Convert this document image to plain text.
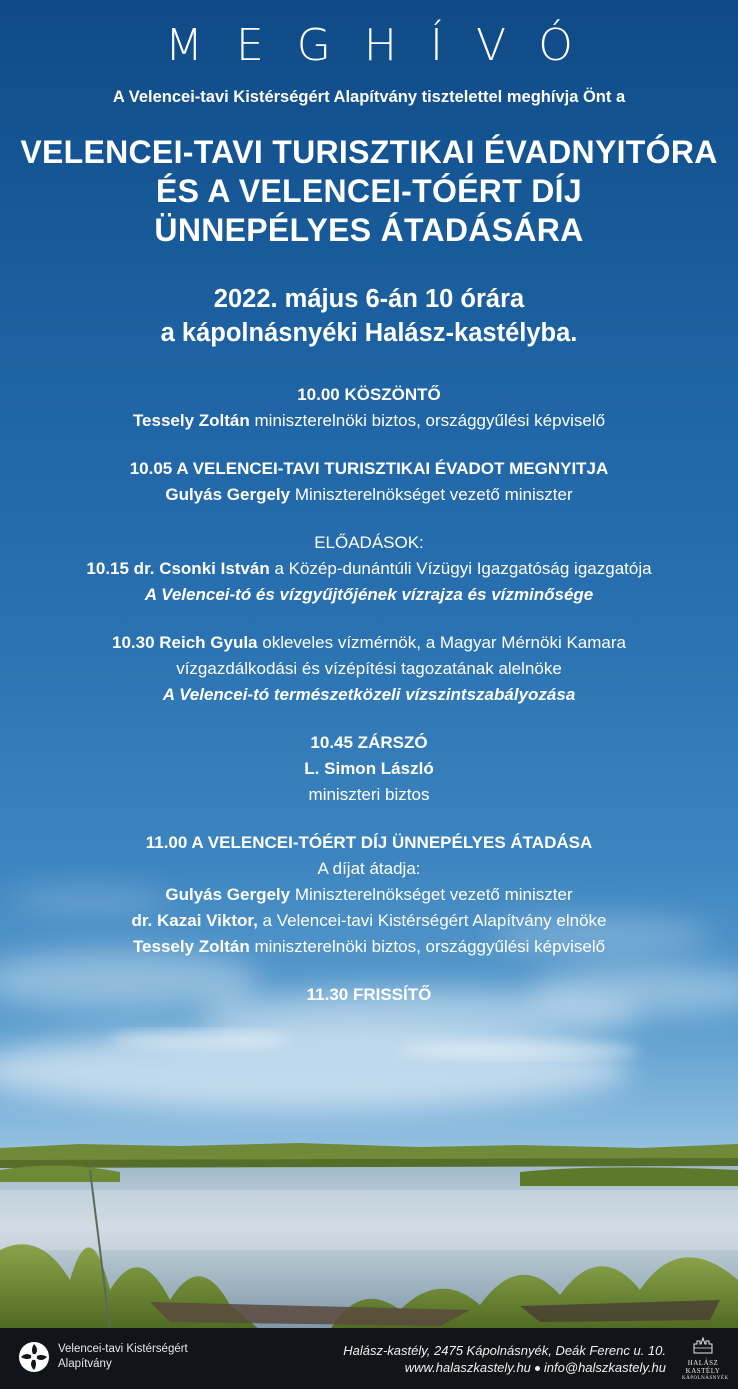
MEGHÍVÓ
A Velencei-tavi Kistérségért Alapítvány tisztelettel meghívja Önt a
VELENCEI-TAVI TURISZTIKAI ÉVADNYITÓRA
ÉS A VELENCEI-TÓÉRT DÍJ
ÜNNEPÉLYES ÁTADÁSÁRA
2022. május 6-án 10 órára
a kápolnásnyéki Halász-kastélyba.
10.00 KÖSZÖNTŐ
Tessely Zoltán miniszterelnöki biztos, országgyűlési képviselő
10.05 A VELENCEI-TAVI TURISZTIKAI ÉVADOT MEGNYITJA
Gulyás Gergely Miniszterelnökséget vezető miniszter
ELŐADÁSOK:
10.15 dr. Csonki István a Közép-dunántúli Vízügyi Igazgatóság igazgatója
A Velencei-tó és vízgyűjtőjének vízrajza és vízminősége
10.30 Reich Gyula okleveles vízmérnök, a Magyar Mérnöki Kamara
vízgazdálkodási és vízépítési tagozatának alelnöke
A Velencei-tó természetközeli vízszintszabályozása
10.45 ZÁRSZÓ
L. Simon László
miniszteri biztos
11.00 A VELENCEI-TÓÉRT DÍJ ÜNNEPÉLYES ÁTADÁSA
A díjat átadja:
Gulyás Gergely Miniszterelnökséget vezető miniszter
dr. Kazai Viktor, a Velencei-tavi Kistérségért Alapítvány elnöke
Tessely Zoltán miniszterelnöki biztos, országgyűlési képviselő
11.30 FRISSÍTŐ
Velencei-tavi Kistérségért
Alapítvány
Halász-kastély, 2475 Kápolnásnyék, Deák Ferenc u. 10.
www.halaszkastely.hu info@halszkastely.hu	HALÁSZ
KASTÉLY
KÁPOLNÁSNYÉK
